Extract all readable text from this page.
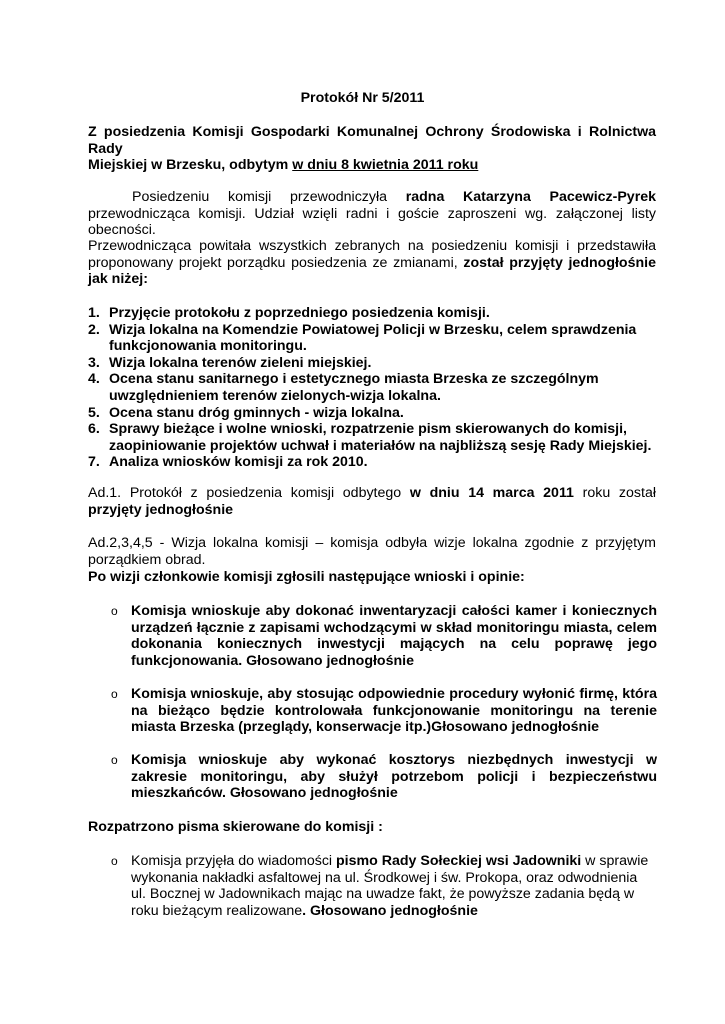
Protokół Nr 5/2011
Z posiedzenia Komisji Gospodarki Komunalnej Ochrony Środowiska i Rolnictwa Rady
Miejskiej w Brzesku, odbytym w dniu 8 kwietnia 2011 roku
Posiedzeniu komisji przewodniczyła radna Katarzyna Pacewicz-Pyrek przewodnicząca komisji. Udział wzięli radni i goście zaproszeni wg. załączonej listy obecności.
Przewodnicząca powitała wszystkich zebranych na posiedzeniu komisji i przedstawiła proponowany projekt porządku posiedzenia ze zmianami, został przyjęty jednogłośnie jak niżej:
1. Przyjęcie protokołu z poprzedniego posiedzenia komisji.
2. Wizja lokalna na Komendzie Powiatowej Policji w Brzesku, celem sprawdzenia funkcjonowania monitoringu.
3. Wizja lokalna terenów zieleni miejskiej.
4. Ocena stanu sanitarnego i estetycznego miasta Brzeska ze szczególnym uwzględnieniem terenów zielonych-wizja lokalna.
5. Ocena stanu dróg gminnych - wizja lokalna.
6. Sprawy bieżące i wolne wnioski, rozpatrzenie pism skierowanych do komisji, zaopiniowanie projektów uchwał i materiałów na najbliższą sesję Rady Miejskiej.
7. Analiza wniosków komisji za rok 2010.
Ad.1. Protokół z posiedzenia komisji odbytego w dniu 14 marca 2011 roku został przyjęty jednogłośnie
Ad.2,3,4,5 - Wizja lokalna komisji – komisja odbyła wizje lokalna zgodnie z przyjętym porządkiem obrad.
Po wizji członkowie komisji zgłosili następujące wnioski i opinie:
o Komisja wnioskuje aby dokonać inwentaryzacji całości kamer i koniecznych urządzeń łącznie z zapisami wchodzącymi w skład monitoringu miasta, celem dokonania koniecznych inwestycji mających na celu poprawę jego funkcjonowania. Głosowano jednogłośnie
o Komisja wnioskuje, aby stosując odpowiednie procedury wyłonić firmę, która na bieżąco będzie kontrolowała funkcjonowanie monitoringu na terenie miasta Brzeska (przeglądy, konserwacje itp.)Głosowano jednogłośnie
o Komisja wnioskuje aby wykonać kosztorys niezbędnych inwestycji w zakresie monitoringu, aby służył potrzebom policji i bezpieczeństwu mieszkańców. Głosowano jednogłośnie
Rozpatrzono pisma skierowane do komisji :
o Komisja przyjęła do wiadomości pismo Rady Sołeckiej wsi Jadowniki w sprawie wykonania nakładki asfaltowej na ul. Środkowej i św. Prokopa, oraz odwodnienia ul. Bocznej w Jadownikach mając na uwadze fakt, że powyższe zadania będą w roku bieżącym realizowane. Głosowano jednogłośnie
